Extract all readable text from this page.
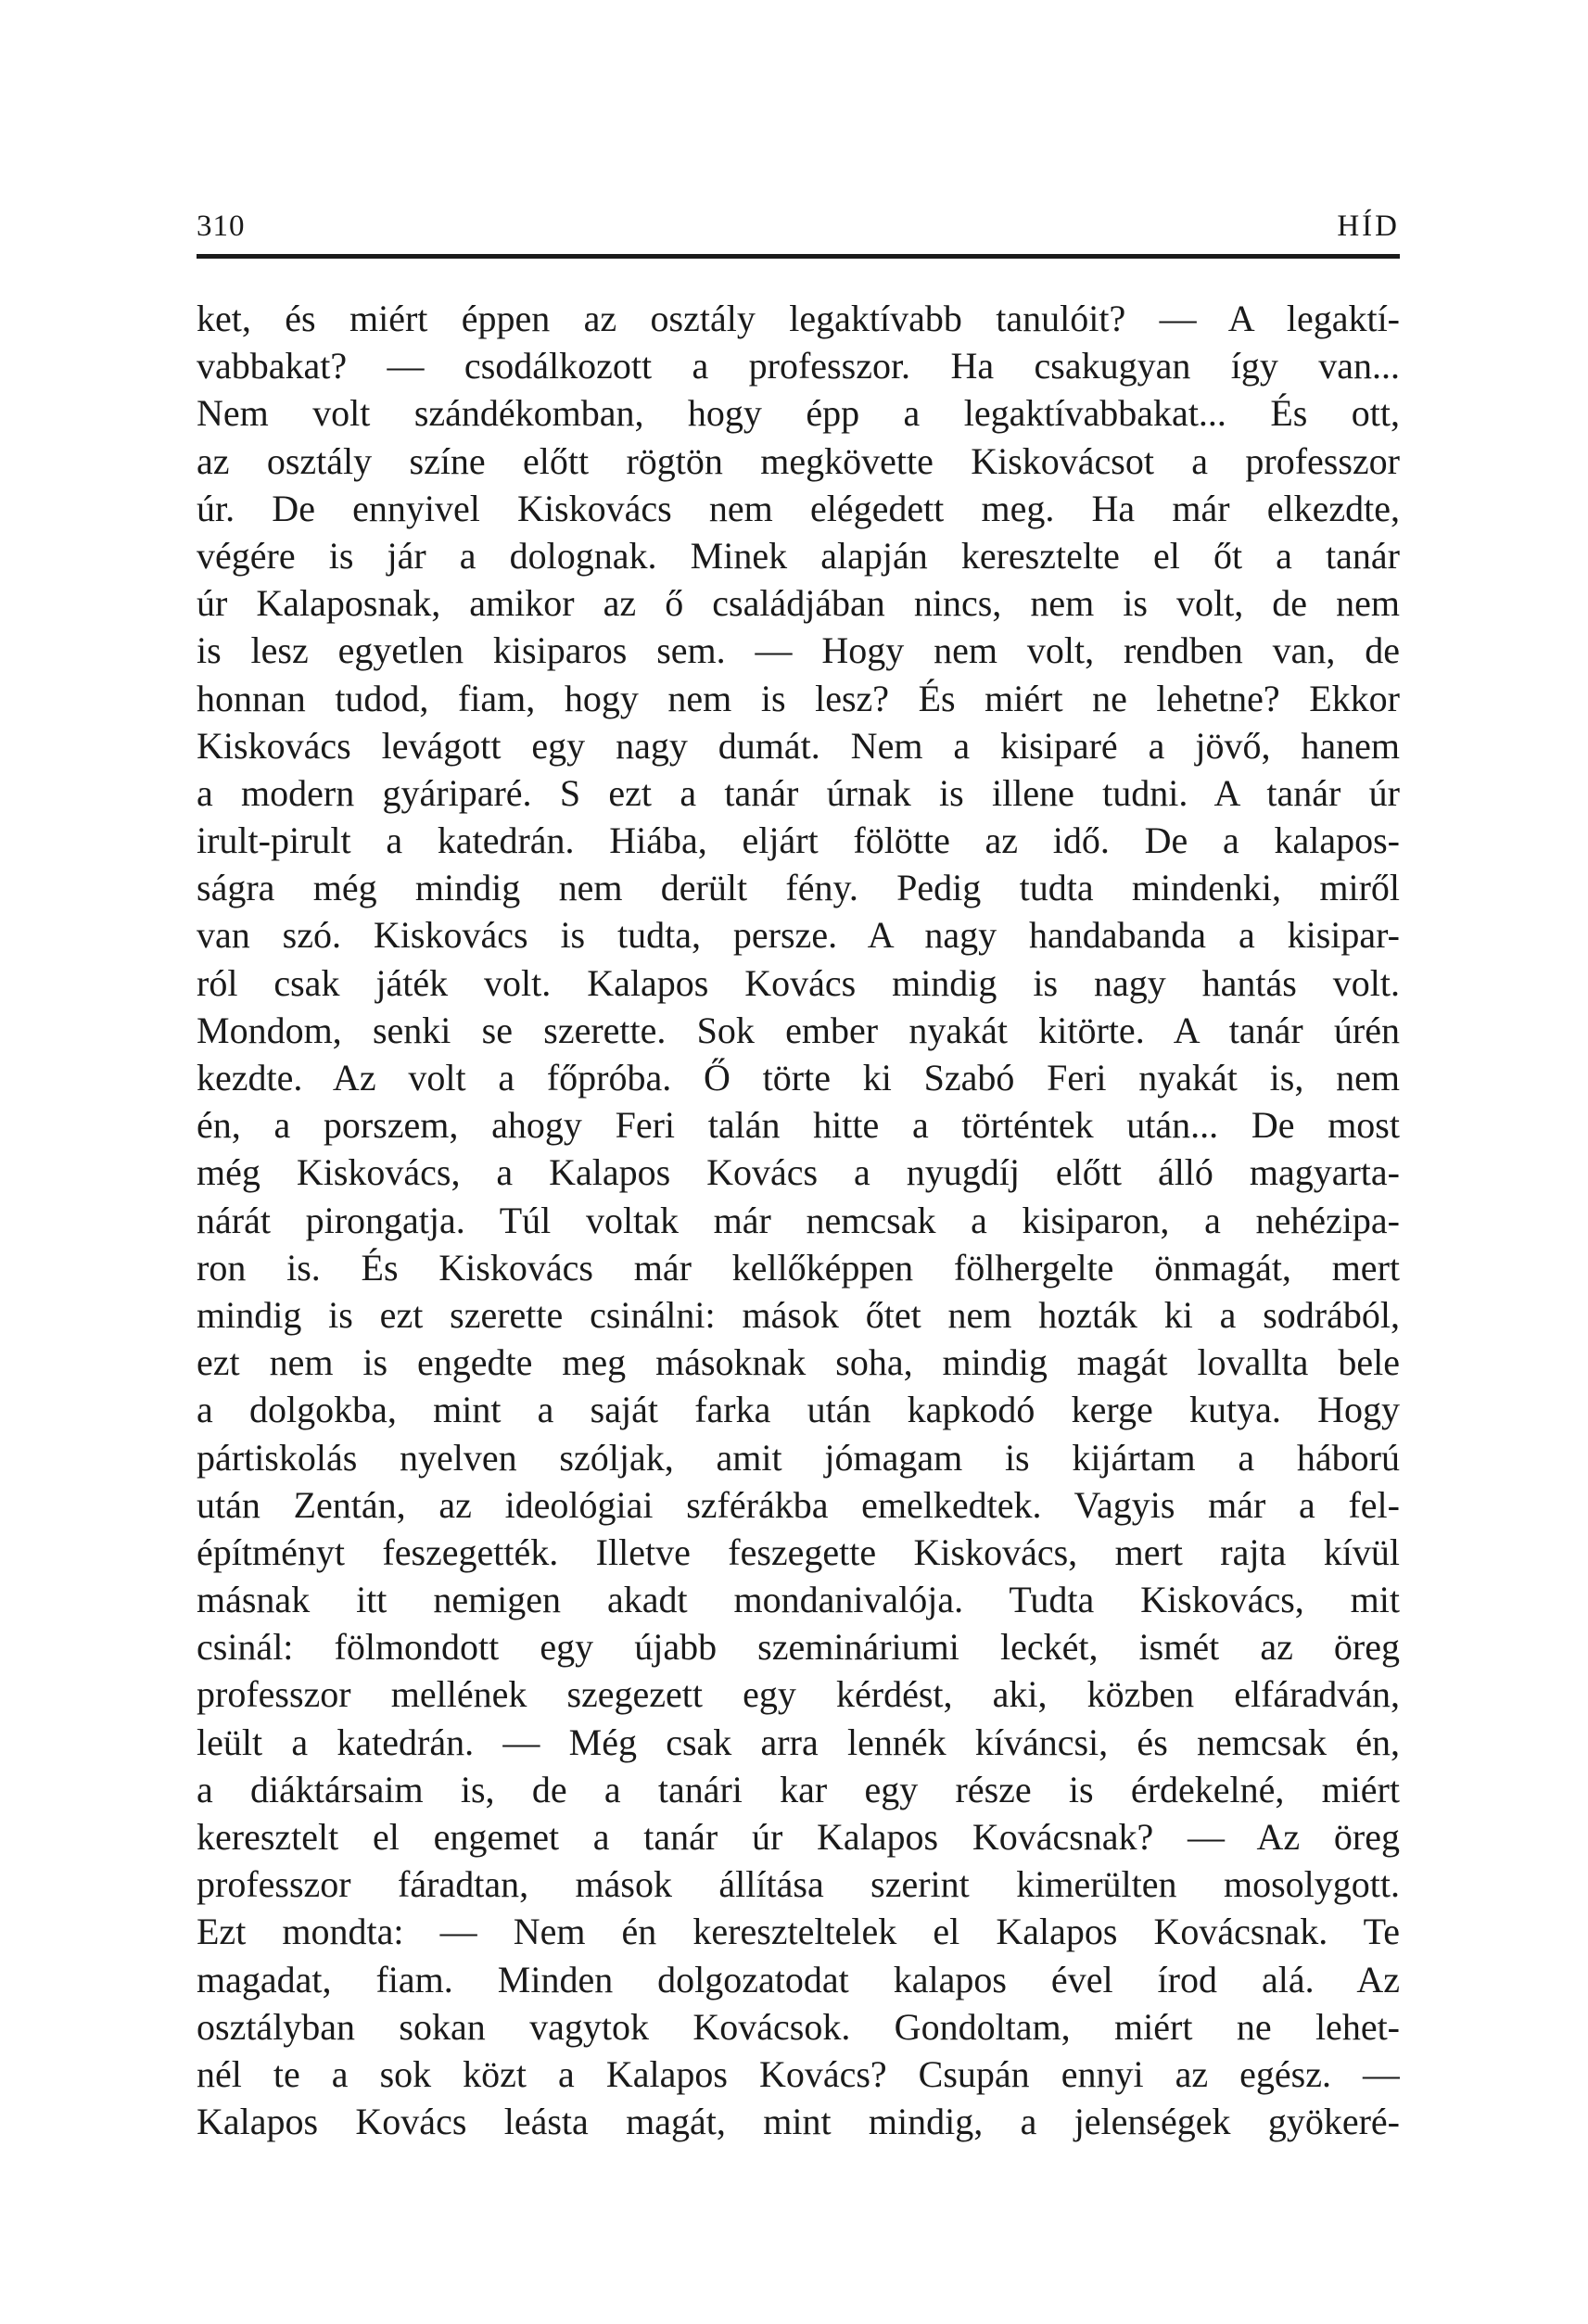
310	HÍD
ket, és miért éppen az osztály legaktívabb tanulóit? — A legaktí-
vabbakat? — csodálkozott a professzor. Ha csakugyan így van...
Nem volt szándékomban, hogy épp a legaktívabbakat... És ott,
az osztály színe előtt rögtön megkövette Kiskovácsot a professzor
úr. De ennyivel Kiskovács nem elégedett meg. Ha már elkezdte,
végére is jár a dolognak. Minek alapján keresztelte el őt a tanár
úr Kalaposnak, amikor az ő családjában nincs, nem is volt, de nem
is lesz egyetlen kisiparos sem. — Hogy nem volt, rendben van, de
honnan tudod, fiam, hogy nem is lesz? És miért ne lehetne? Ekkor
Kiskovács levágott egy nagy dumát. Nem a kisiparé a jövő, hanem
a modern gyáriparé. S ezt a tanár úrnak is illene tudni. A tanár úr
irult-pirult a katedrán. Hiába, eljárt fölötte az idő. De a kalapos-
ságra még mindig nem derült fény. Pedig tudta mindenki, miről
van szó. Kiskovács is tudta, persze. A nagy handabanda a kisipar-
ról csak játék volt. Kalapos Kovács mindig is nagy hantás volt.
Mondom, senki se szerette. Sok ember nyakát kitörte. A tanár úrén
kezdte. Az volt a főpróba. Ő törte ki Szabó Feri nyakát is, nem
én, a porszem, ahogy Feri talán hitte a történtek után... De most
még Kiskovács, a Kalapos Kovács a nyugdíj előtt álló magyarta-
nárát pirongatja. Túl voltak már nemcsak a kisiparon, a nehézipa-
ron is. És Kiskovács már kellőképpen fölhergelte önmagát, mert
mindig is ezt szerette csinálni: mások őtet nem hozták ki a sodrából,
ezt nem is engedte meg másoknak soha, mindig magát lovallta bele
a dolgokba, mint a saját farka után kapkodó kerge kutya. Hogy
pártiskolás nyelven szóljak, amit jómagam is kijártam a háború
után Zentán, az ideológiai szférákba emelkedtek. Vagyis már a fel-
építményt feszegették. Illetve feszegette Kiskovács, mert rajta kívül
másnak itt nemigen akadt mondanivalója. Tudta Kiskovács, mit
csinál: fölmondott egy újabb szemináriumi leckét, ismét az öreg
professzor mellének szegezett egy kérdést, aki, közben elfáradván,
leült a katedrán. — Még csak arra lennék kíváncsi, és nemcsak én,
a diáktársaim is, de a tanári kar egy része is érdekelné, miért
keresztelt el engemet a tanár úr Kalapos Kovácsnak? — Az öreg
professzor fáradtan, mások állítása szerint kimerülten mosolygott.
Ezt mondta: — Nem én kereszteltelek el Kalapos Kovácsnak. Te
magadat, fiam. Minden dolgozatodat kalapos ével írod alá. Az
osztályban sokan vagytok Kovácsok. Gondoltam, miért ne lehet-
nél te a sok közt a Kalapos Kovács? Csupán ennyi az egész. —
Kalapos Kovács leásta magát, mint mindig, a jelenségek gyökeré-
